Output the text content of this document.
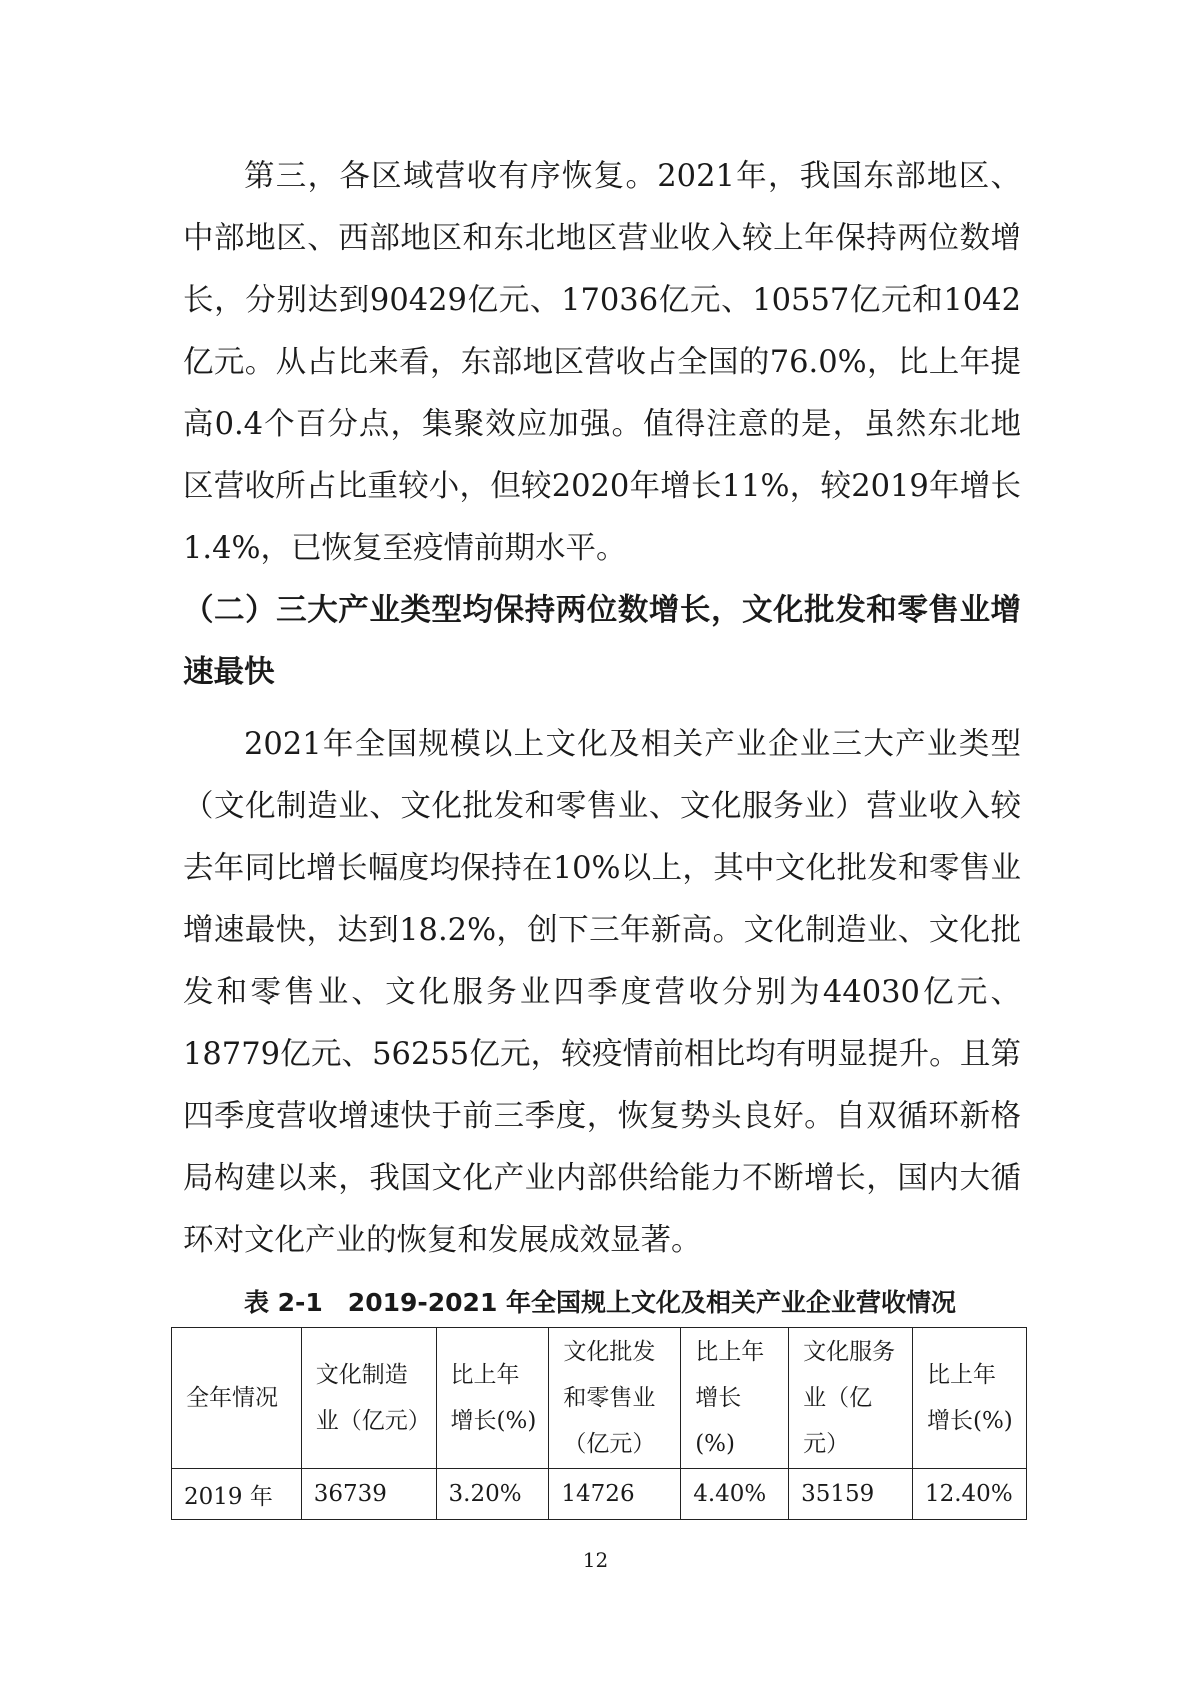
第三，各区域营收有序恢复。2021年，我国东部地区、中部地区、西部地区和东北地区营业收入较上年保持两位数增长，分别达到90429亿元、17036亿元、10557亿元和1042亿元。从占比来看，东部地区营收占全国的76.0%，比上年提高0.4个百分点，集聚效应加强。值得注意的是，虽然东北地区营收所占比重较小，但较2020年增长11%，较2019年增长1.4%，已恢复至疫情前期水平。

（二）三大产业类型均保持两位数增长，文化批发和零售业增速最快

2021年全国规模以上文化及相关产业企业三大产业类型（文化制造业、文化批发和零售业、文化服务业）营业收入较去年同比增长幅度均保持在10%以上，其中文化批发和零售业增速最快，达到18.2%，创下三年新高。文化制造业、文化批发和零售业、文化服务业四季度营收分别为44030亿元、18779亿元、56255亿元，较疫情前相比均有明显提升。且第四季度营收增速快于前三季度，恢复势头良好。自双循环新格局构建以来，我国文化产业内部供给能力不断增长，国内大循环对文化产业的恢复和发展成效显著。

表 2-1　2019-2021 年全国规上文化及相关产业企业营收情况
全年情况	文化制造业（亿元）	比上年增长(%)	文化批发和零售业（亿元）	比上年增长(%)	文化服务业（亿元）	比上年增长(%)
2019 年	36739	3.20%	14726	4.40%	35159	12.40%
12
